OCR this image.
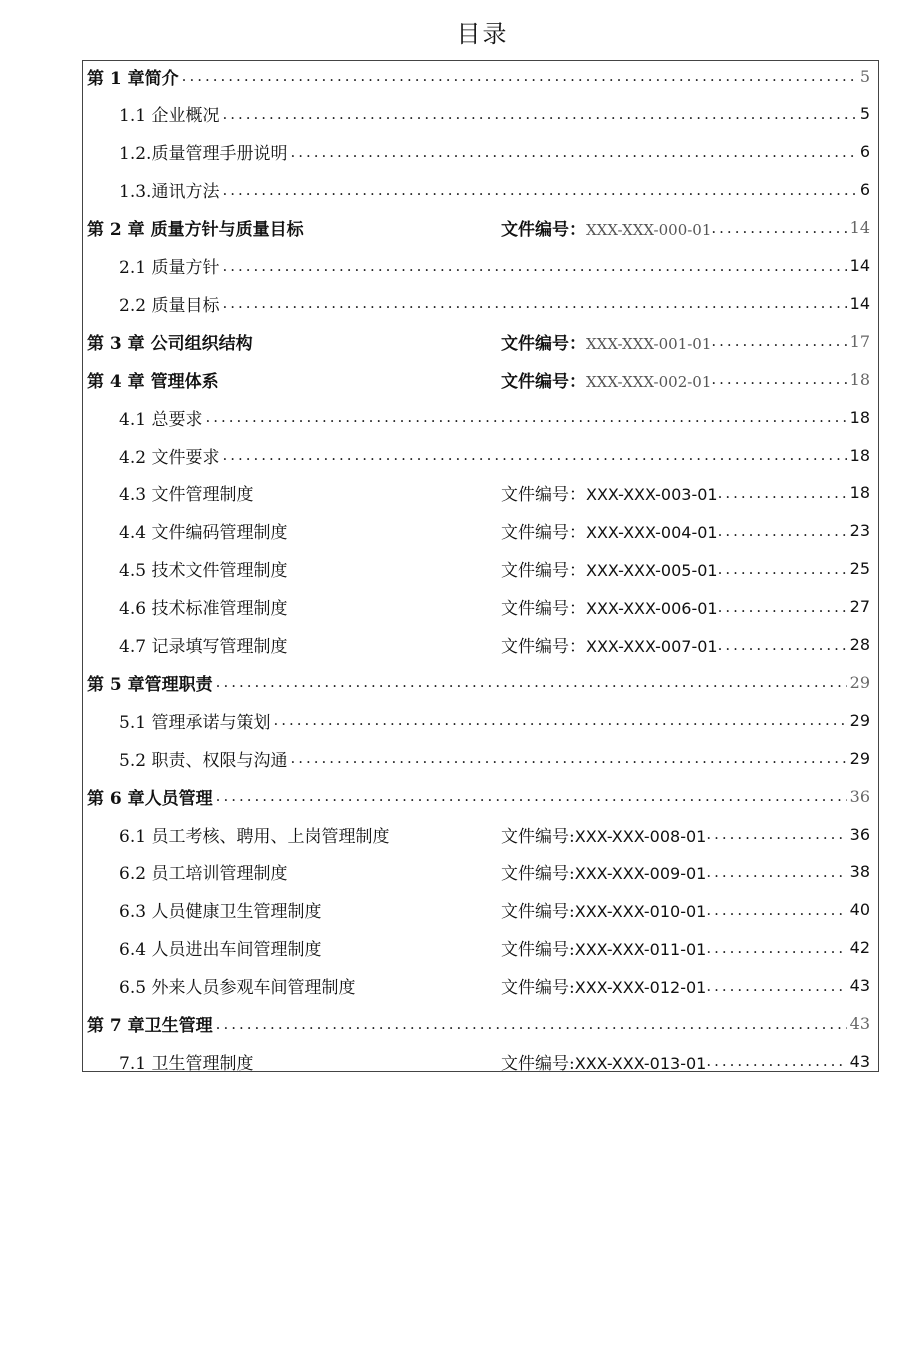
目录
第 1 章简介 .....	5
1.1 企业概况 .....	5
1.2.质量管理手册说明 .....	6
1.3.通讯方法 .....	6
第 2 章 质量方针与质量目标	文件编号：XXX-XXX-000-01 .....	14
2.1 质量方针 .....	14
2.2 质量目标 .....	14
第 3 章 公司组织结构	文件编号：XXX-XXX-001-01 .....	17
第 4 章 管理体系	文件编号：XXX-XXX-002-01 .....	18
4.1 总要求 .....	18
4.2 文件要求 .....	18
4.3 文件管理制度	文件编号：XXX-XXX-003-01 .....	18
4.4 文件编码管理制度	文件编号：XXX-XXX-004-01 .....	23
4.5 技术文件管理制度	文件编号：XXX-XXX-005-01 .....	25
4.6 技术标准管理制度	文件编号：XXX-XXX-006-01 .....	27
4.7 记录填写管理制度	文件编号：XXX-XXX-007-01 .....	28
第 5 章管理职责 .....	29
5.1 管理承诺与策划 .....	29
5.2 职责、权限与沟通 .....	29
第 6 章人员管理 .....	36
6.1 员工考核、聘用、上岗管理制度	文件编号:XXX-XXX-008-01 .....	36
6.2 员工培训管理制度	文件编号:XXX-XXX-009-01 .....	38
6.3 人员健康卫生管理制度	文件编号:XXX-XXX-010-01 .....	40
6.4 人员进出车间管理制度	文件编号:XXX-XXX-011-01 .....	42
6.5 外来人员参观车间管理制度	文件编号:XXX-XXX-012-01 .....	43
第 7 章卫生管理 .....	43
7.1 卫生管理制度	文件编号:XXX-XXX-013-01 .....	43
